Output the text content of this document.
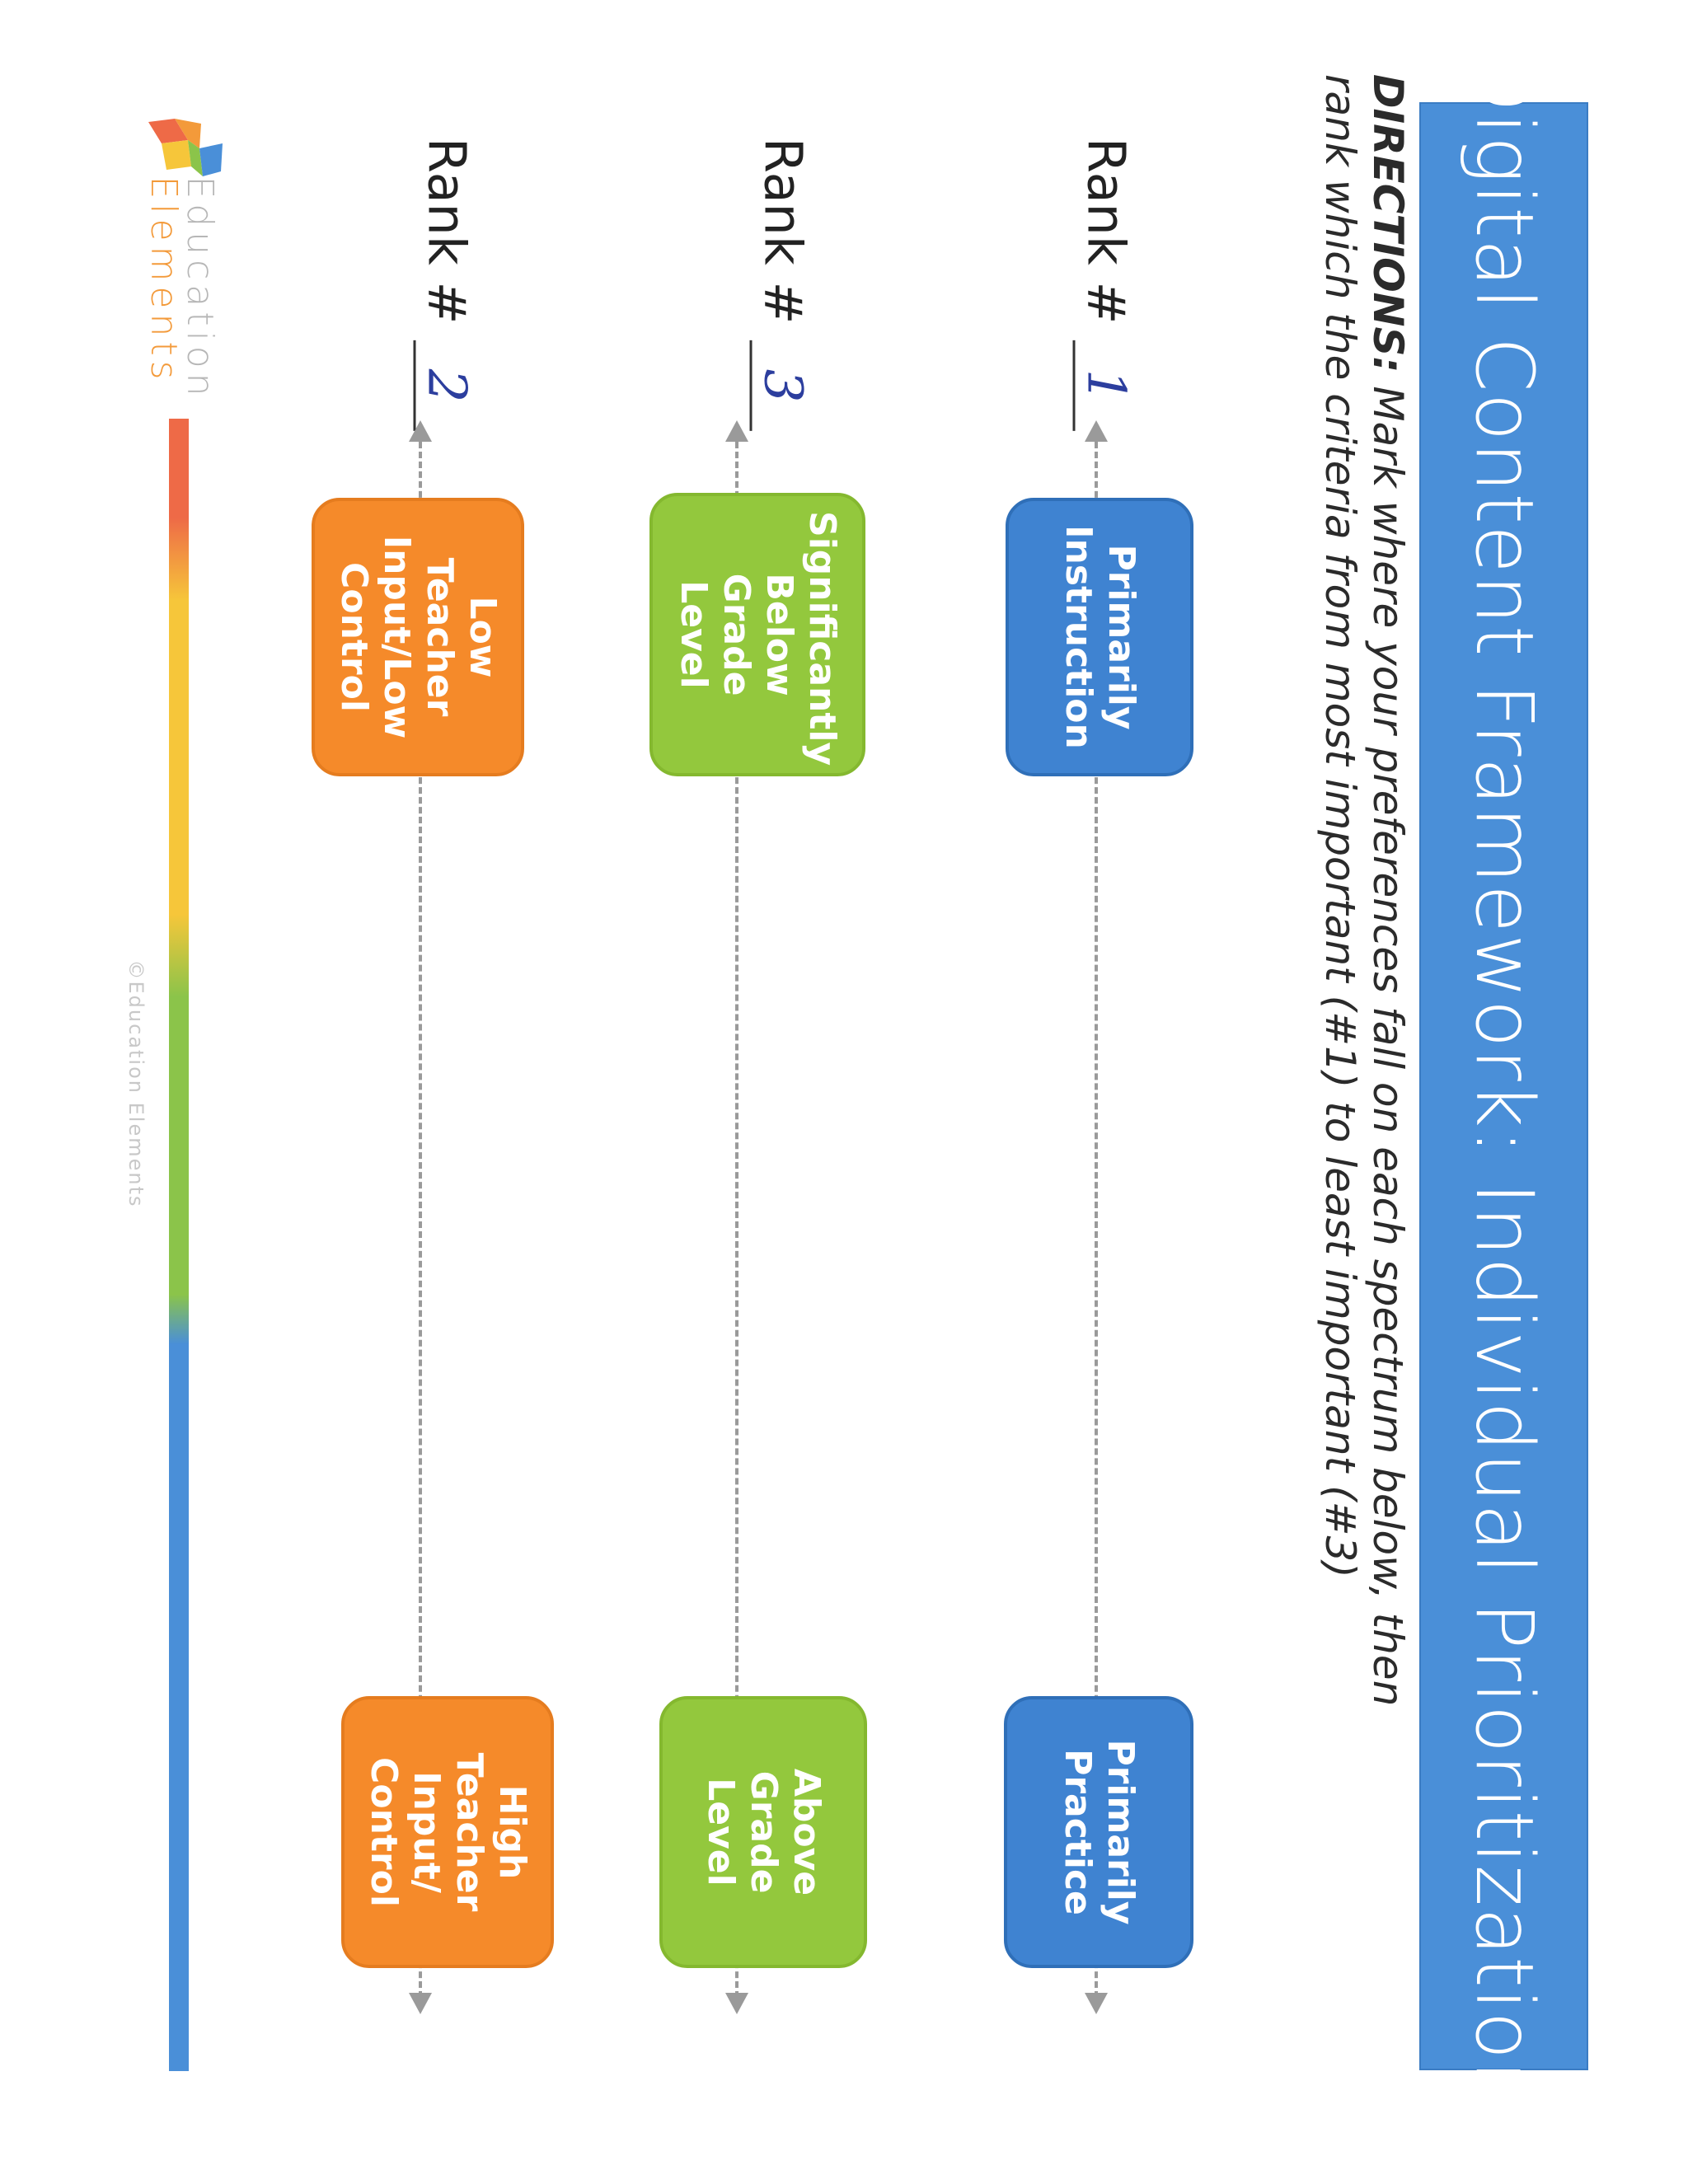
Digital Content Framework: Individual Prioritization
DIRECTIONS: Mark where your preferences fall on each spectrum below, then rank which the criteria from most important (#1) to least important (#3)
Rank # 1
Primarily
Instruction
Primarily
Practice
Rank # 3
Significantly
Below
Grade
Level
Above
Grade
Level
Rank # 2
Low
Teacher
Input/Low
Control
High
Teacher
Input/
Control
Education
Elements
©Education Elements
